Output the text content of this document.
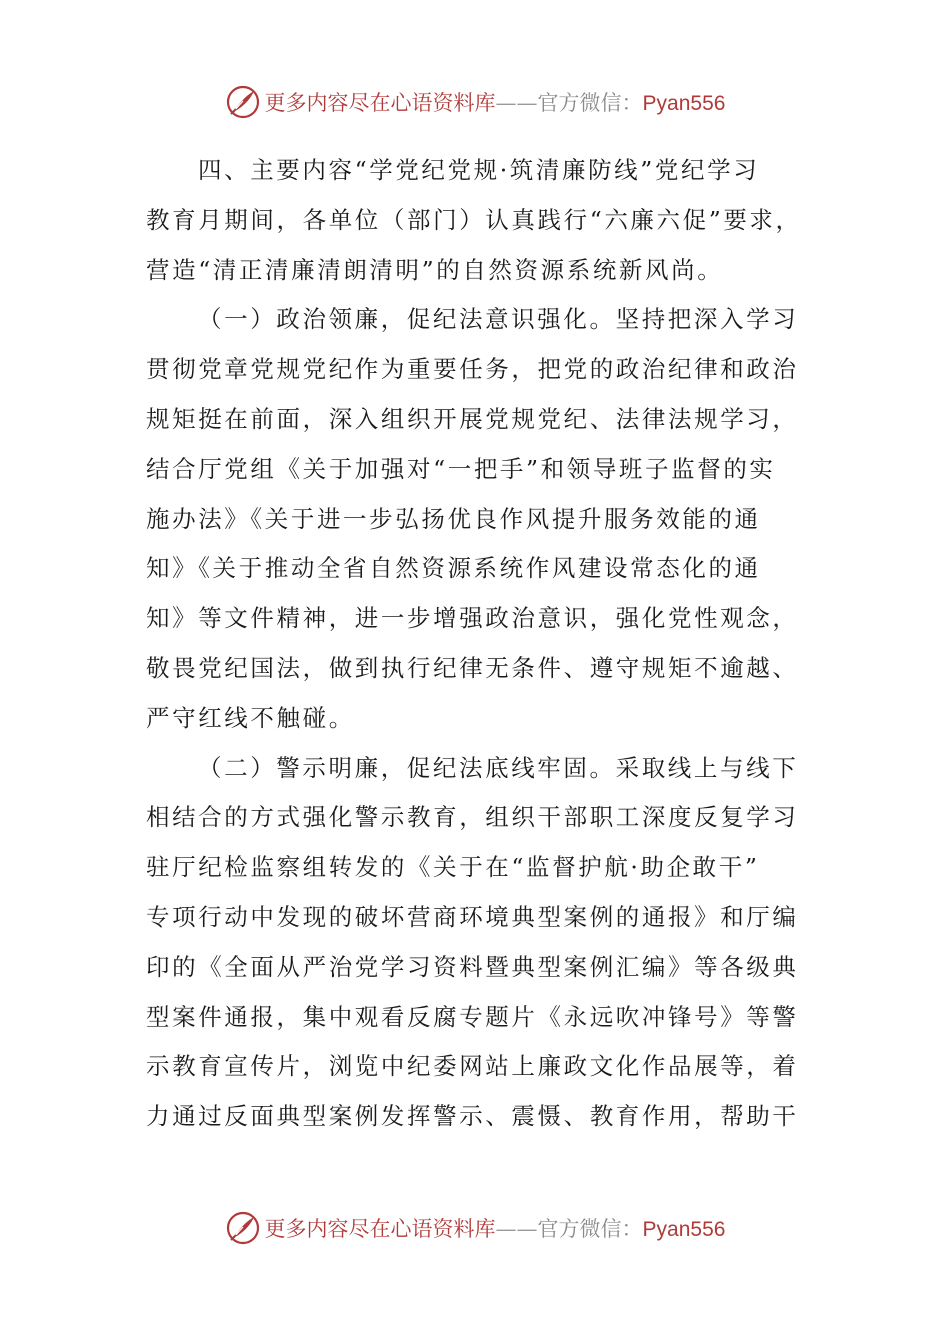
更多内容尽在心语资料库——官方微信：Pyan556
四、主要内容“学党纪党规·筑清廉防线”党纪学习
教育月期间，各单位（部门）认真践行“六廉六促”要求，
营造“清正清廉清朗清明”的自然资源系统新风尚。
（一）政治领廉，促纪法意识强化。坚持把深入学习
贯彻党章党规党纪作为重要任务，把党的政治纪律和政治
规矩挺在前面，深入组织开展党规党纪、法律法规学习，
结合厅党组《关于加强对“一把手”和领导班子监督的实
施办法》《关于进一步弘扬优良作风提升服务效能的通
知》《关于推动全省自然资源系统作风建设常态化的通
知》等文件精神，进一步增强政治意识，强化党性观念，
敬畏党纪国法，做到执行纪律无条件、遵守规矩不逾越、
严守红线不触碰。
（二）警示明廉，促纪法底线牢固。采取线上与线下
相结合的方式强化警示教育，组织干部职工深度反复学习
驻厅纪检监察组转发的《关于在“监督护航·助企敢干”
专项行动中发现的破坏营商环境典型案例的通报》和厅编
印的《全面从严治党学习资料暨典型案例汇编》等各级典
型案件通报，集中观看反腐专题片《永远吹冲锋号》等警
示教育宣传片，浏览中纪委网站上廉政文化作品展等，着
力通过反面典型案例发挥警示、震慑、教育作用，帮助干
更多内容尽在心语资料库——官方微信：Pyan556
